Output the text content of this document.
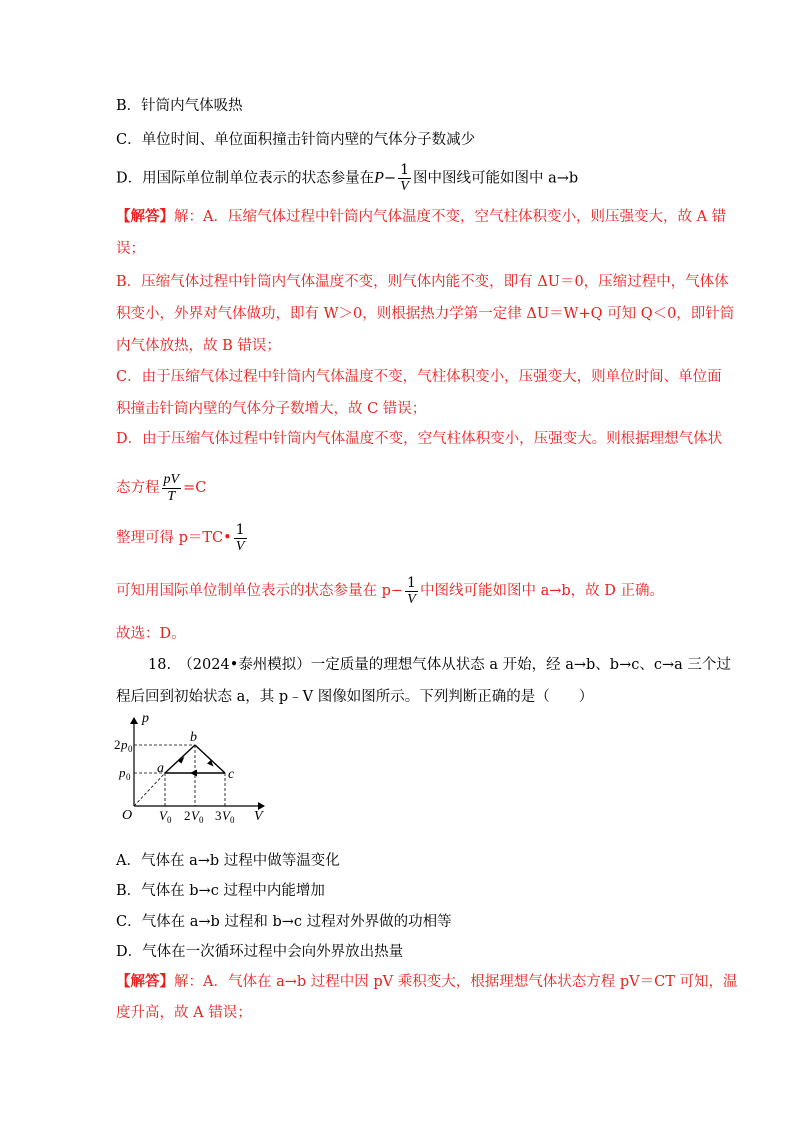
B．针筒内气体吸热
C．单位时间、单位面积撞击针筒内壁的气体分子数减少
D．用国际单位制单位表示的状态参量在$P- \frac{1}{V}$ 图中图线可能如图中 a→b
【解答】解：A．压缩气体过程中针筒内气体温度不变，空气柱体积变小，则压强变大，故 A 错
误；
B．压缩气体过程中针筒内气体温度不变，则气体内能不变，即有 ΔU＝0，压缩过程中，气体体
积变小，外界对气体做功，即有 W＞0，则根据热力学第一定律 ΔU＝W+Q 可知 Q＜0，即针筒
内气体放热，故 B 错误；
C．由于压缩气体过程中针筒内气体温度不变，气柱体积变小，压强变大，则单位时间、单位面
积撞击针筒内壁的气体分子数增大，故 C 错误；
D．由于压缩气体过程中针筒内气体温度不变，空气柱体积变小，压强变大。则根据理想气体状
态方程 $\frac{pV}{T} =C$
整理可得 p＝TC• $\frac{1}{V}$
可知用国际单位制单位表示的状态参量在 $p- \frac{1}{V}$ 中图线可能如图中 a→b，故 D 正确。
故选：D。
18.　（2024•泰州模拟）一定质量的理想气体从状态 a 开始，经 a→b、b→c、c→a 三个过
程后回到初始状态 a，其 p﹣V 图像如图所示。下列判断正确的是（　　）
p
V
O
2 p 0
p 0
V 0 2 V 0 3 V 0
a
b
c
A．气体在 a→b 过程中做等温变化
B．气体在 b→c 过程中内能增加
C．气体在 a→b 过程和 b→c 过程对外界做的功相等
D．气体在一次循环过程中会向外界放出热量
【解答】解：A．气体在 a→b 过程中因 pV 乘积变大，根据理想气体状态方程 pV＝CT 可知，温
度升高，故 A 错误；
